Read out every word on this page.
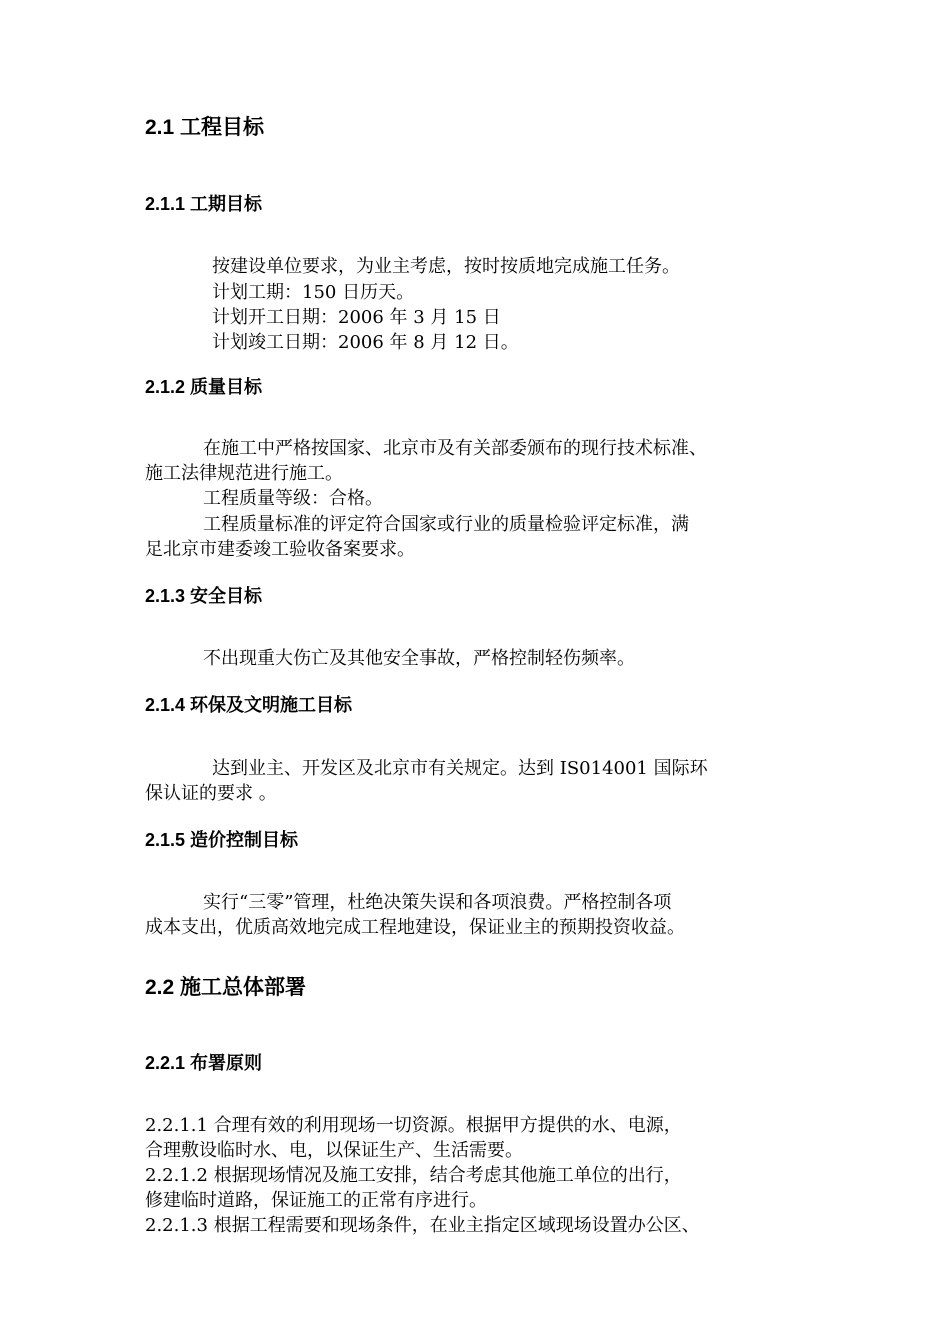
2.1 工程目标
2.1.1 工期目标
按建设单位要求，为业主考虑，按时按质地完成施工任务。
计划工期：150 日历天。
计划开工日期：2006 年 3 月 15 日
计划竣工日期：2006 年 8 月 12 日。
2.1.2 质量目标
在施工中严格按国家、北京市及有关部委颁布的现行技术标准、
施工法律规范进行施工。
工程质量等级：合格。
工程质量标准的评定符合国家或行业的质量检验评定标准，满
足北京市建委竣工验收备案要求。
2.1.3 安全目标
不出现重大伤亡及其他安全事故，严格控制轻伤频率。
2.1.4 环保及文明施工目标
达到业主、开发区及北京市有关规定。达到 IS014001 国际环
保认证的要求 。
2.1.5 造价控制目标
实行“三零”管理，杜绝决策失误和各项浪费。严格控制各项
成本支出，优质高效地完成工程地建设，保证业主的预期投资收益。
2.2 施工总体部署
2.2.1 布署原则
2.2.1.1 合理有效的利用现场一切资源。根据甲方提供的水、电源，
合理敷设临时水、电，以保证生产、生活需要。
2.2.1.2 根据现场情况及施工安排，结合考虑其他施工单位的出行，
修建临时道路，保证施工的正常有序进行。
2.2.1.3 根据工程需要和现场条件，在业主指定区域现场设置办公区、
